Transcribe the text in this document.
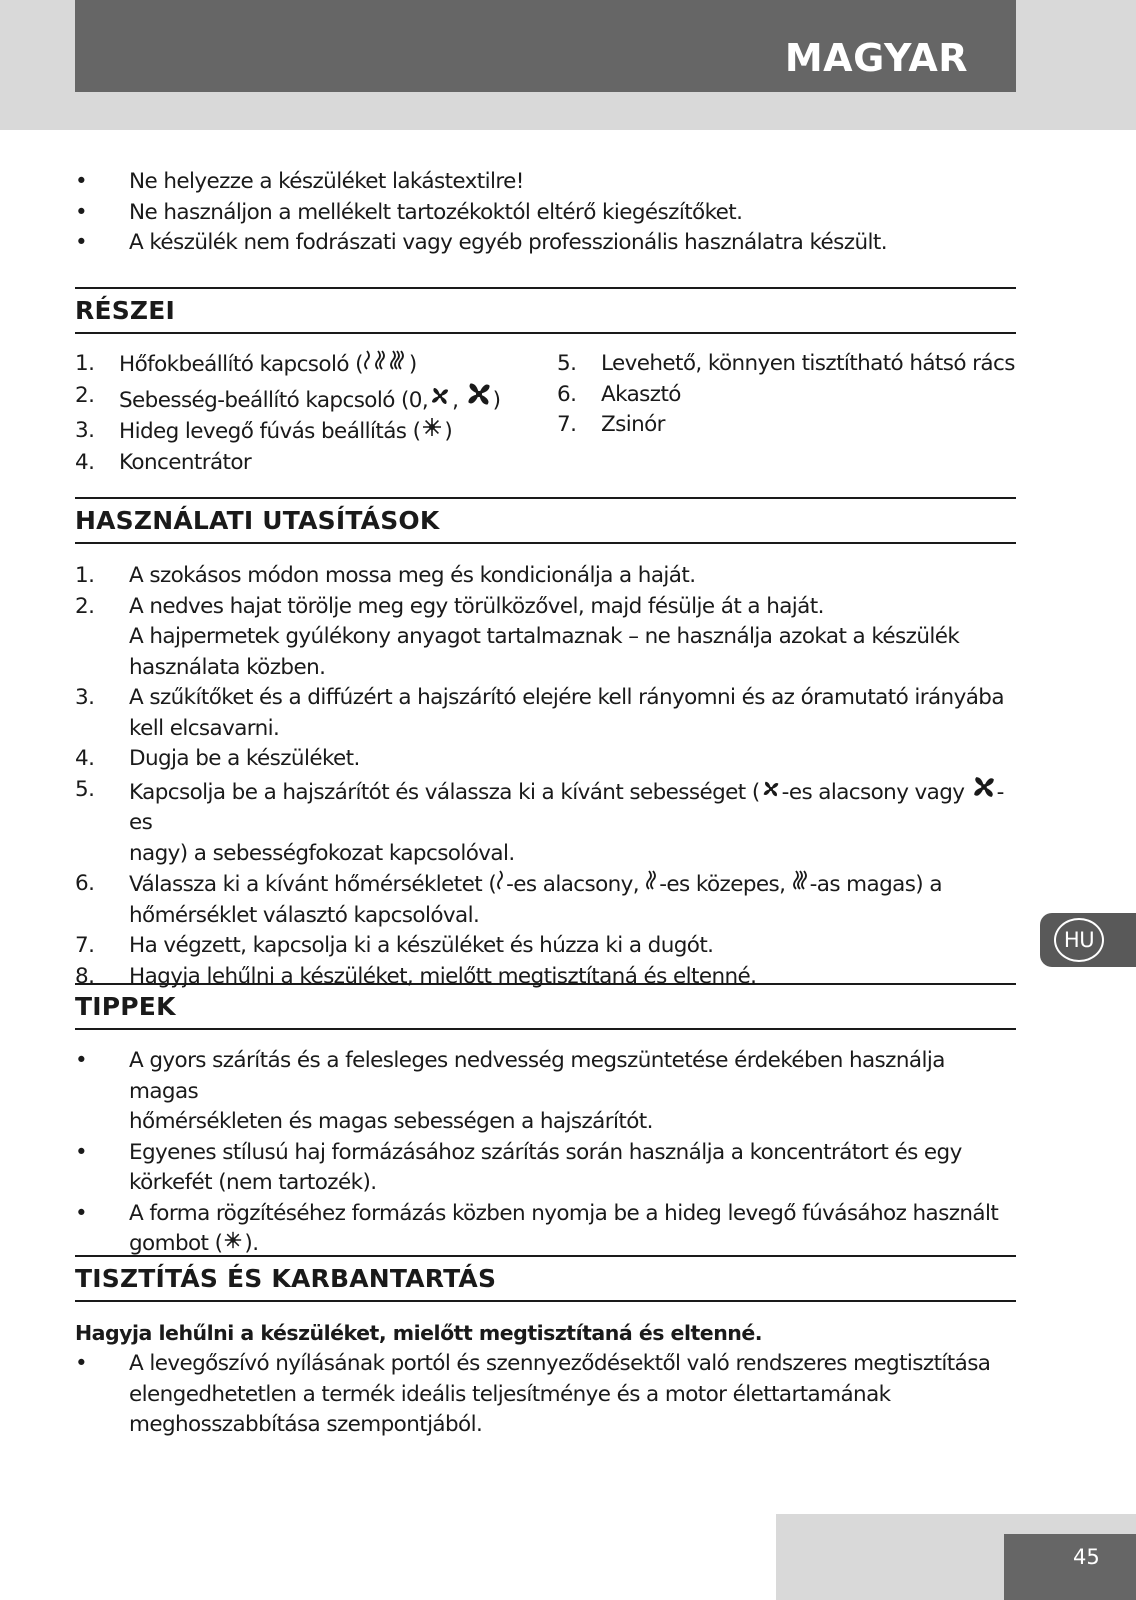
MAGYAR
•	Ne helyezze a készüléket lakástextilre!
•	Ne használjon a mellékelt tartozékoktól eltérő kiegészítőket.
•	A készülék nem fodrászati vagy egyéb professzionális használatra készült.
RÉSZEI
1. Hőfokbeállító kapcsoló ( )
2. Sebesség-beállító kapcsoló (0, , )
3. Hideg levegő fúvás beállítás ( )
4. Koncentrátor
5. Levehető, könnyen tisztítható hátsó rács
6. Akasztó
7. Zsinór
HASZNÁLATI UTASÍTÁSOK
1.	A szokásos módon mossa meg és kondicionálja a haját.
2.	A nedves hajat törölje meg egy törülközővel, majd fésülje át a haját.
A hajpermetek gyúlékony anyagot tartalmaznak – ne használja azokat a készülék
használata közben.
3.	A szűkítőket és a diffúzért a hajszárító elejére kell rányomni és az óramutató irányába
kell elcsavarni.
4.	Dugja be a készüléket.
5.	Kapcsolja be a hajszárítót és válassza ki a kívánt sebességet ( -es alacsony vagy -es
nagy) a sebességfokozat kapcsolóval.
6.	Válassza ki a kívánt hőmérsékletet ( -es alacsony, -es közepes, -as magas) a
hőmérséklet választó kapcsolóval.
7.	Ha végzett, kapcsolja ki a készüléket és húzza ki a dugót.
8.	Hagyja lehűlni a készüléket, mielőtt megtisztítaná és eltenné.
TIPPEK
•	A gyors szárítás és a felesleges nedvesség megszüntetése érdekében használja magas
hőmérsékleten és magas sebességen a hajszárítót.
•	Egyenes stílusú haj formázásához szárítás során használja a koncentrátort és egy
körkefét (nem tartozék).
•	A forma rögzítéséhez formázás közben nyomja be a hideg levegő fúvásához használt
gombot ( ).
TISZTÍTÁS ÉS KARBANTARTÁS
Hagyja lehűlni a készüléket, mielőtt megtisztítaná és eltenné.
•	A levegőszívó nyílásának portól és szennyeződésektől való rendszeres megtisztítása
elengedhetetlen a termék ideális teljesítménye és a motor élettartamának
meghosszabbítása szempontjából.
HU
45
